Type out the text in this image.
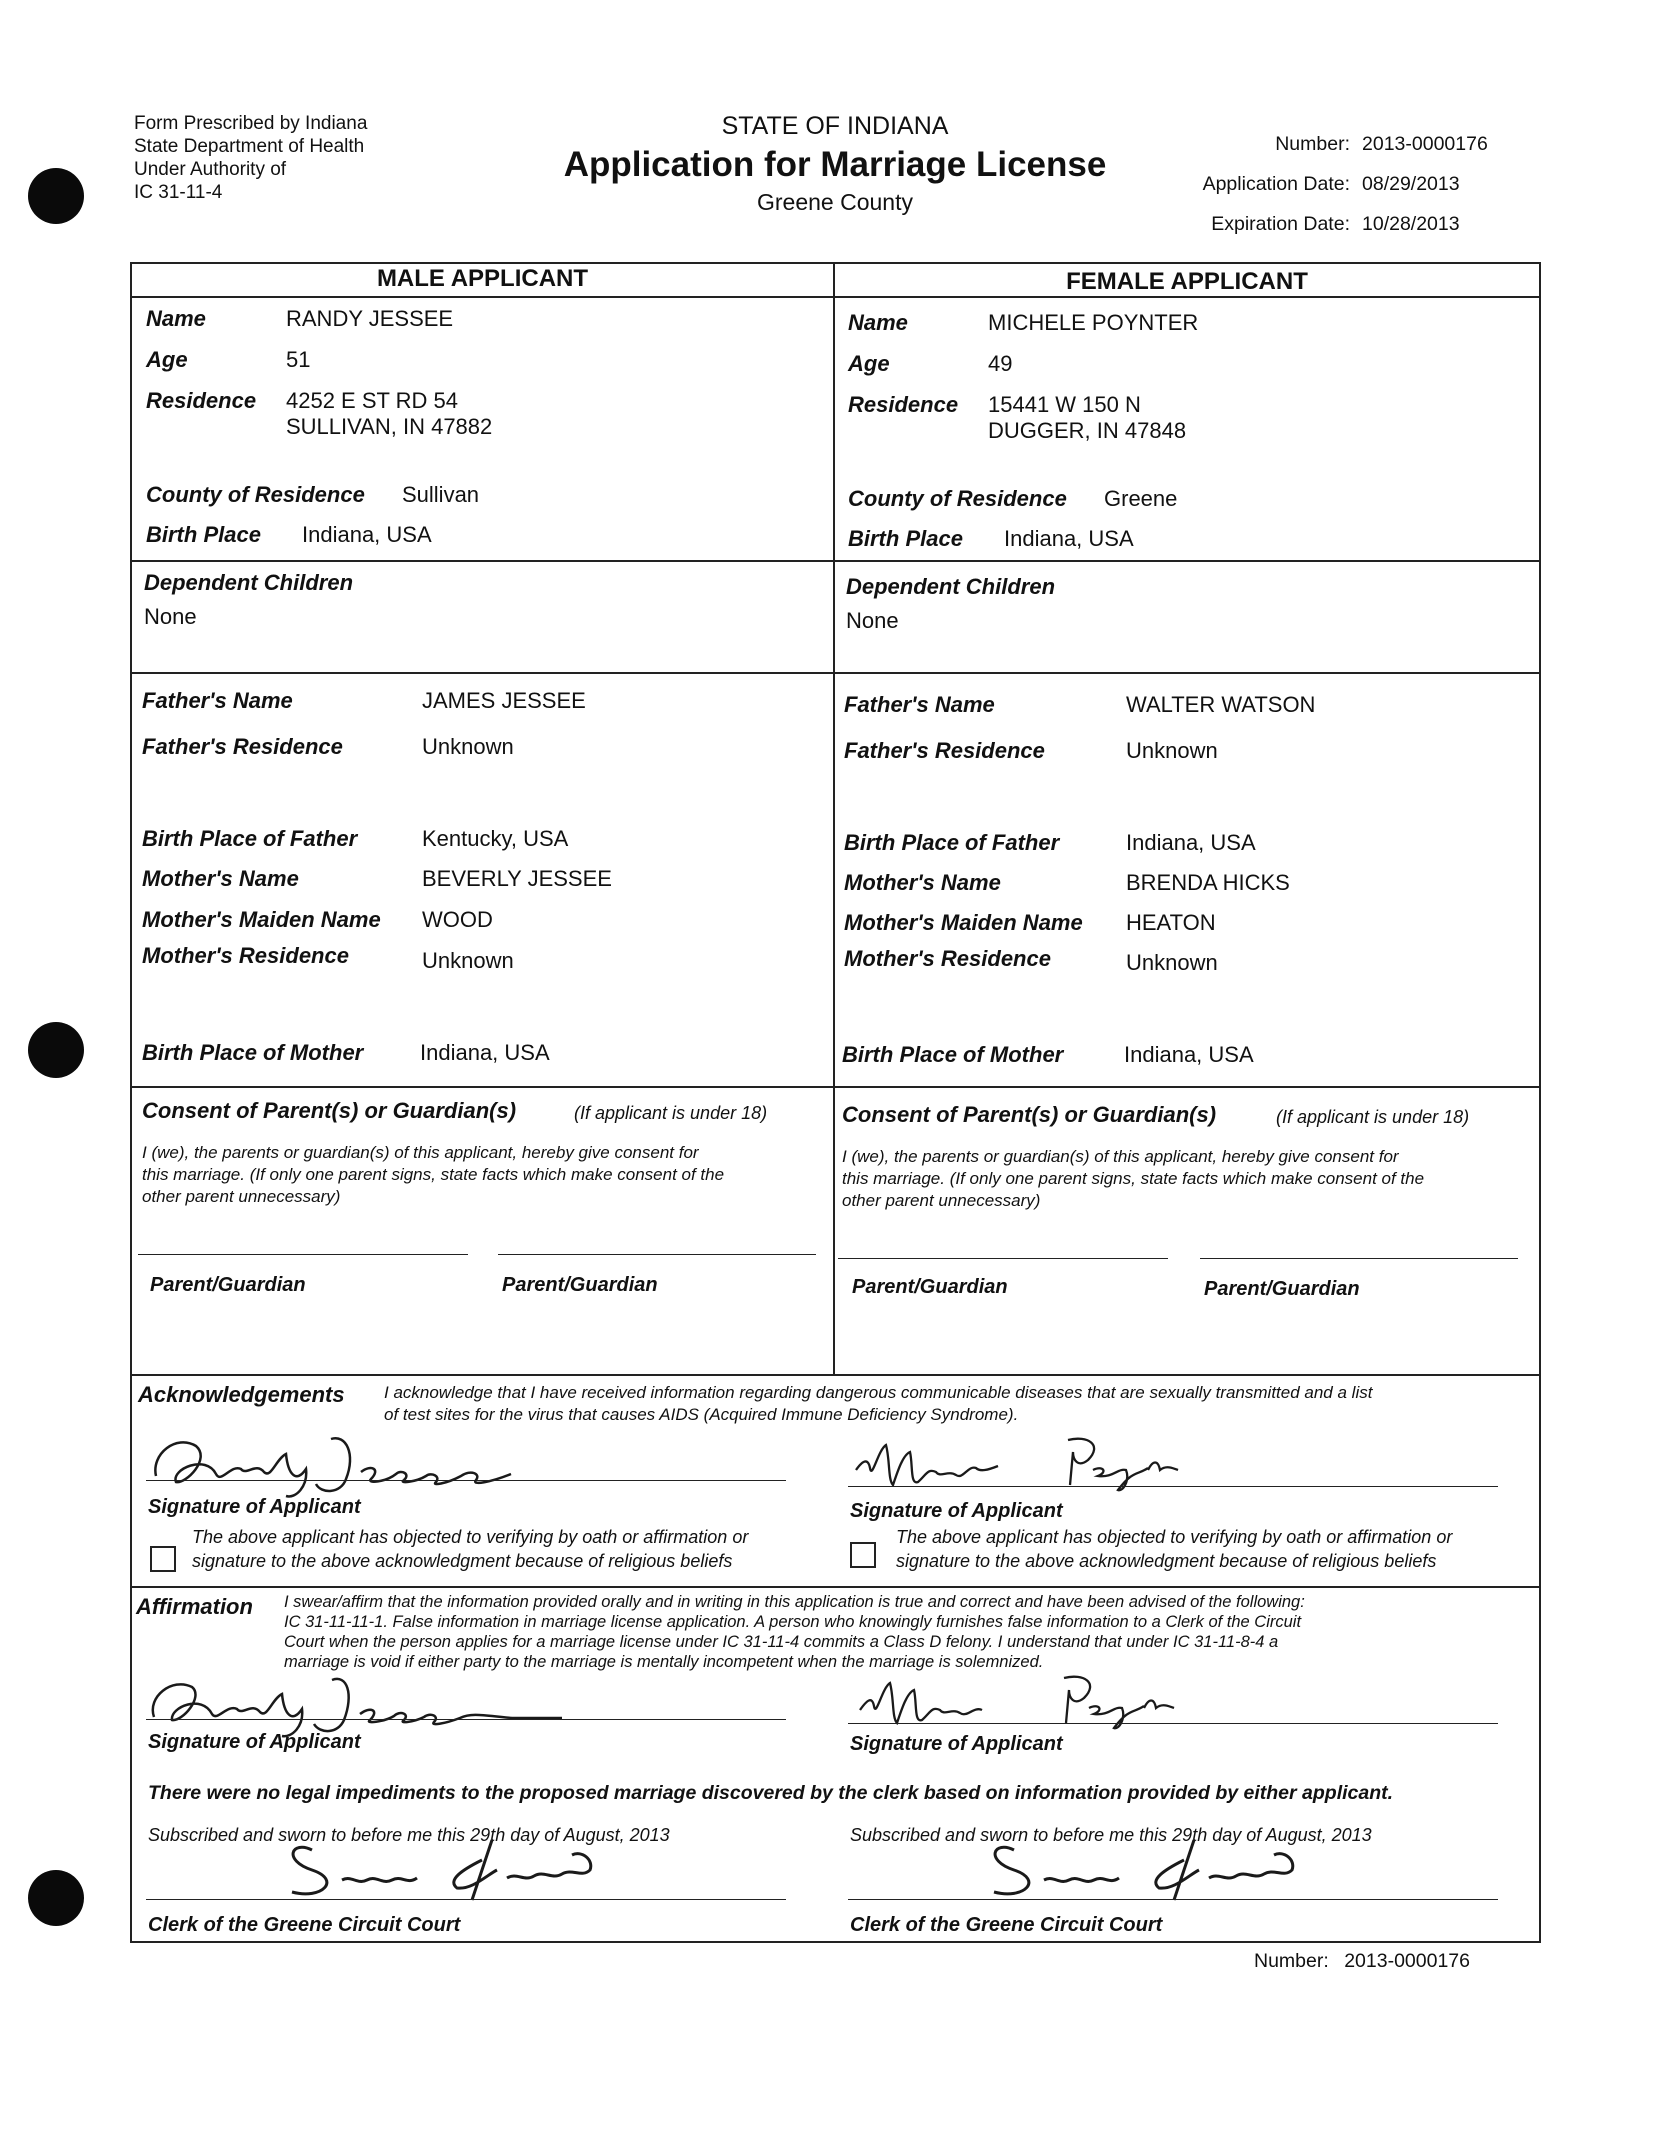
Form Prescribed by Indiana
State Department of Health
Under Authority of
IC 31-11-4
STATE OF INDIANA
Application for Marriage License
Greene County
Number: 2013-0000176
Application Date: 08/29/2013
Expiration Date: 10/28/2013
MALE APPLICANT	FEMALE APPLICANT
Name	RANDY JESSEE
Age	51
Residence 4252 E ST RD 54
SULLIVAN, IN 47882
County of Residence Sullivan
Birth Place Indiana, USA
Name	MICHELE POYNTER
Age	49
Residence 15441 W 150 N
DUGGER, IN 47848
County of Residence Greene
Birth Place Indiana, USA
Dependent Children
None
Dependent Children
None
Father's Name	JAMES JESSEE
Father's Residence	Unknown
Birth Place of Father	Kentucky, USA
Mother's Name	BEVERLY JESSEE
Mother's Maiden Name WOOD
Mother's Residence	Unknown
Birth Place of Mother	Indiana, USA
Father's Name	WALTER WATSON
Father's Residence	Unknown
Birth Place of Father	Indiana, USA
Mother's Name	BRENDA HICKS
Mother's Maiden Name HEATON
Mother's Residence	Unknown
Birth Place of Mother	Indiana, USA
Consent of Parent(s) or Guardian(s)	(If applicant is under 18)
I (we), the parents or guardian(s) of this applicant, hereby give consent for
this marriage. (If only one parent signs, state facts which make consent of the
other parent unnecessary)
Parent/Guardian	Parent/Guardian
Consent of Parent(s) or Guardian(s)	(If applicant is under 18)
I (we), the parents or guardian(s) of this applicant, hereby give consent for
this marriage. (If only one parent signs, state facts which make consent of the
other parent unnecessary)
Parent/Guardian	Parent/Guardian
Acknowledgements I acknowledge that I have received information regarding dangerous communicable diseases that are sexually transmitted and a list
of test sites for the virus that causes AIDS (Acquired Immune Deficiency Syndrome).
Signature of Applicant
The above applicant has objected to verifying by oath or affirmation or
signature to the above acknowledgment because of religious beliefs
Signature of Applicant
The above applicant has objected to verifying by oath or affirmation or
signature to the above acknowledgment because of religious beliefs
Affirmation I swear/affirm that the information provided orally and in writing in this application is true and correct and have been advised of the following:
IC 31-11-11-1. False information in marriage license application. A person who knowingly furnishes false information to a Clerk of the Circuit
Court when the person applies for a marriage license under IC 31-11-4 commits a Class D felony. I understand that under IC 31-11-8-4 a
marriage is void if either party to the marriage is mentally incompetent when the marriage is solemnized.
Signature of Applicant	Signature of Applicant
There were no legal impediments to the proposed marriage discovered by the clerk based on information provided by either applicant.
Subscribed and sworn to before me this 29th day of August, 2013
Clerk of the Greene Circuit Court
Subscribed and sworn to before me this 29th day of August, 2013
Clerk of the Greene Circuit Court
Number: 2013-0000176
